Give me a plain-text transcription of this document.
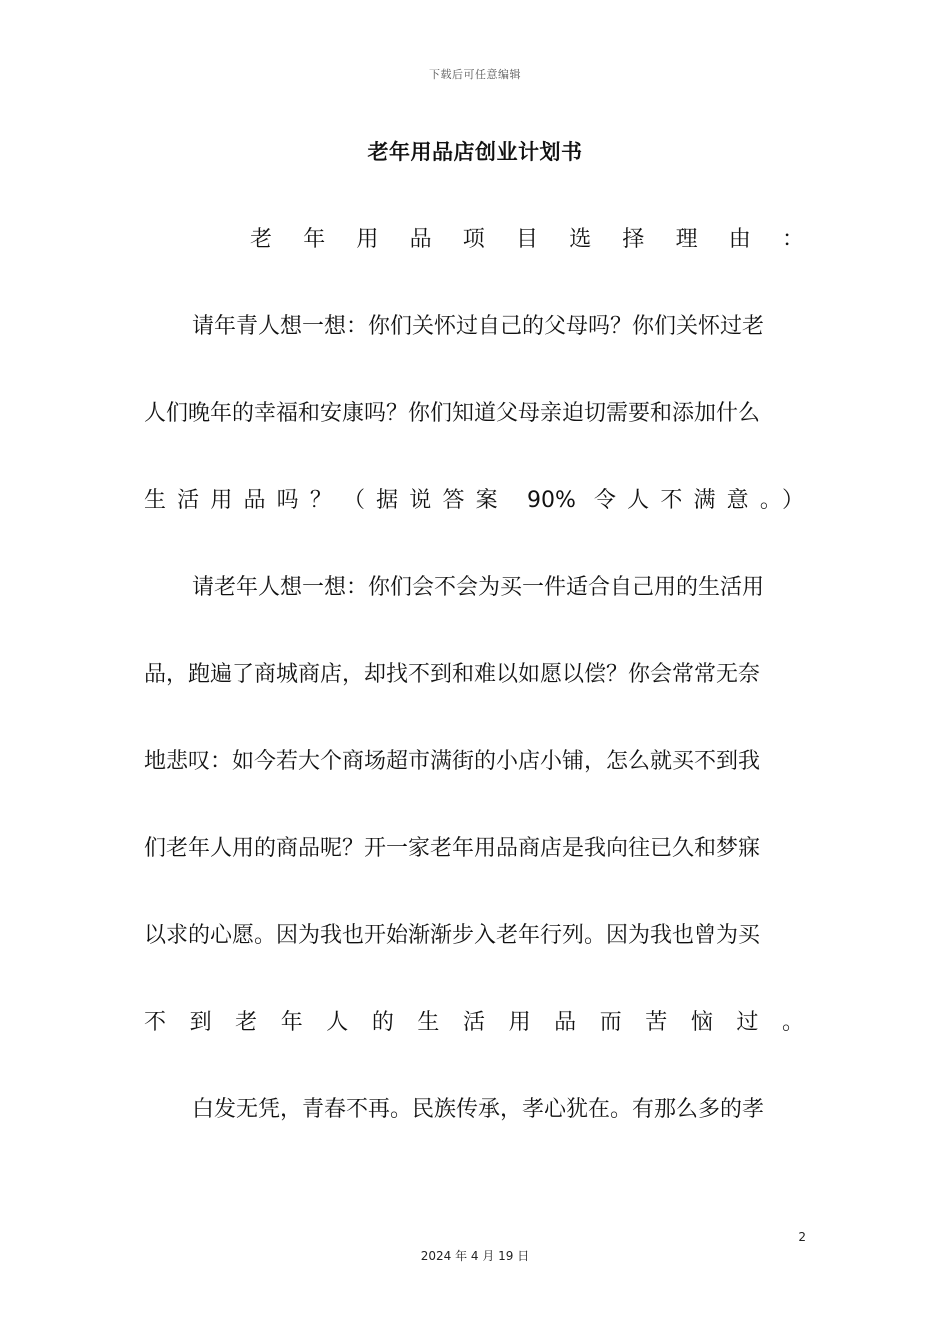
下载后可任意编辑
老年用品店创业计划书
老年用品项目选择理由：
请年青人想一想：你们关怀过自己的父母吗？你们关怀过老
人们晚年的幸福和安康吗？你们知道父母亲迫切需要和添加什么
生活用品吗？（据说答案 90% 令人不满意。）
请老年人想一想：你们会不会为买一件适合自己用的生活用
品，跑遍了商城商店，却找不到和难以如愿以偿？你会常常无奈
地悲叹：如今若大个商场超市满街的小店小铺，怎么就买不到我
们老年人用的商品呢？开一家老年用品商店是我向往已久和梦寐
以求的心愿。因为我也开始渐渐步入老年行列。因为我也曾为买
不到老年人的生活用品而苦恼过。
白发无凭，青春不再。民族传承，孝心犹在。有那么多的孝
2
2024 年 4 月 19 日
